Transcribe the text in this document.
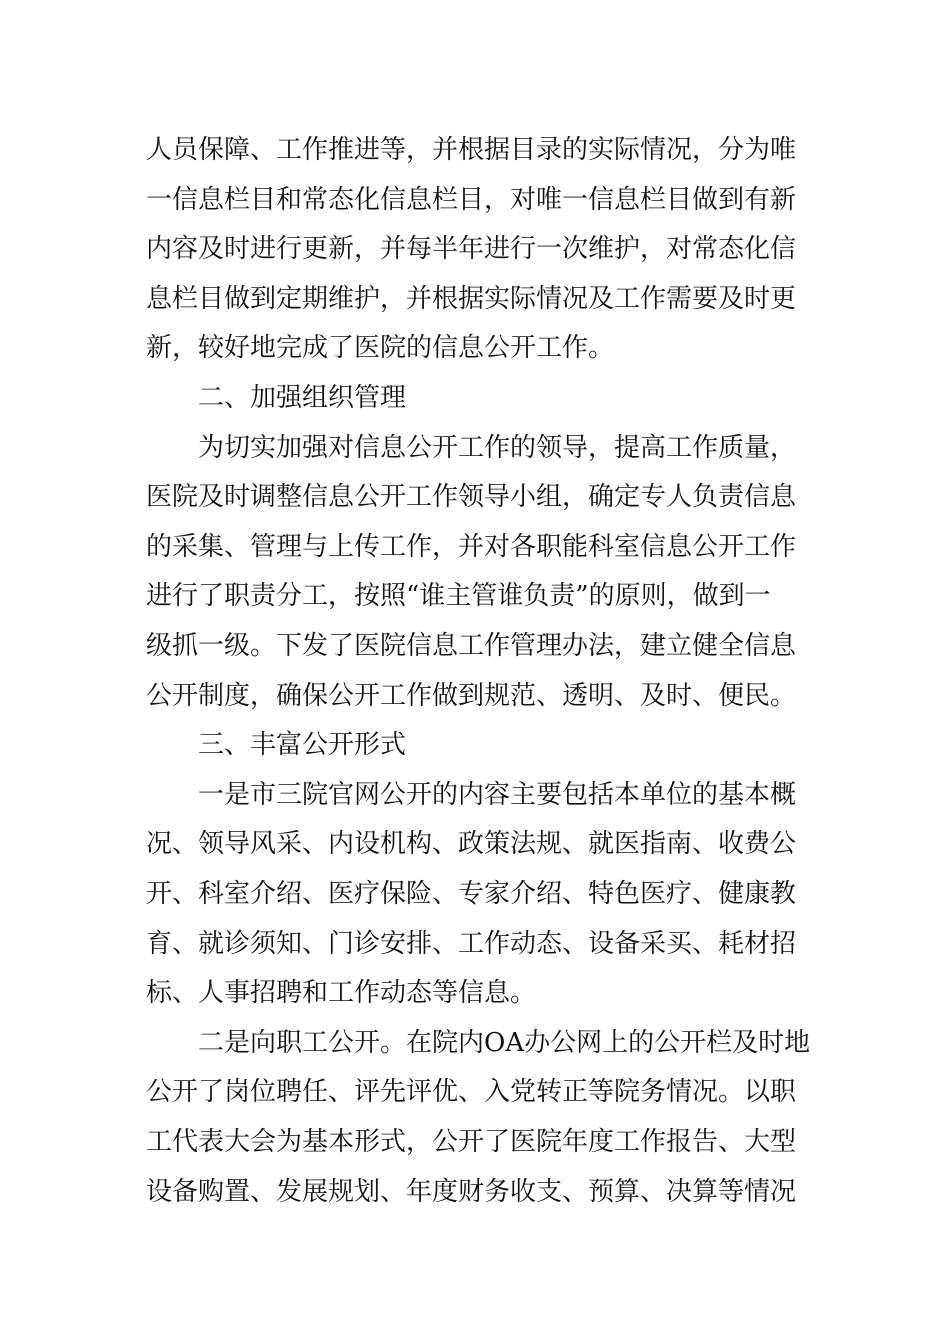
人员保障、工作推进等，并根据目录的实际情况，分为唯
一信息栏目和常态化信息栏目，对唯一信息栏目做到有新
内容及时进行更新，并每半年进行一次维护，对常态化信
息栏目做到定期维护，并根据实际情况及工作需要及时更
新，较好地完成了医院的信息公开工作。
二、加强组织管理
为切实加强对信息公开工作的领导，提高工作质量，
医院及时调整信息公开工作领导小组，确定专人负责信息
的采集、管理与上传工作，并对各职能科室信息公开工作
进行了职责分工，按照“谁主管谁负责”的原则，做到一
级抓一级。下发了医院信息工作管理办法，建立健全信息
公开制度，确保公开工作做到规范、透明、及时、便民。
三、丰富公开形式
一是市三院官网公开的内容主要包括本单位的基本概
况、领导风采、内设机构、政策法规、就医指南、收费公
开、科室介绍、医疗保险、专家介绍、特色医疗、健康教
育、就诊须知、门诊安排、工作动态、设备采买、耗材招
标、人事招聘和工作动态等信息。
二是向职工公开。在院内OA办公网上的公开栏及时地
公开了岗位聘任、评先评优、入党转正等院务情况。以职
工代表大会为基本形式，公开了医院年度工作报告、大型
设备购置、发展规划、年度财务收支、预算、决算等情况
